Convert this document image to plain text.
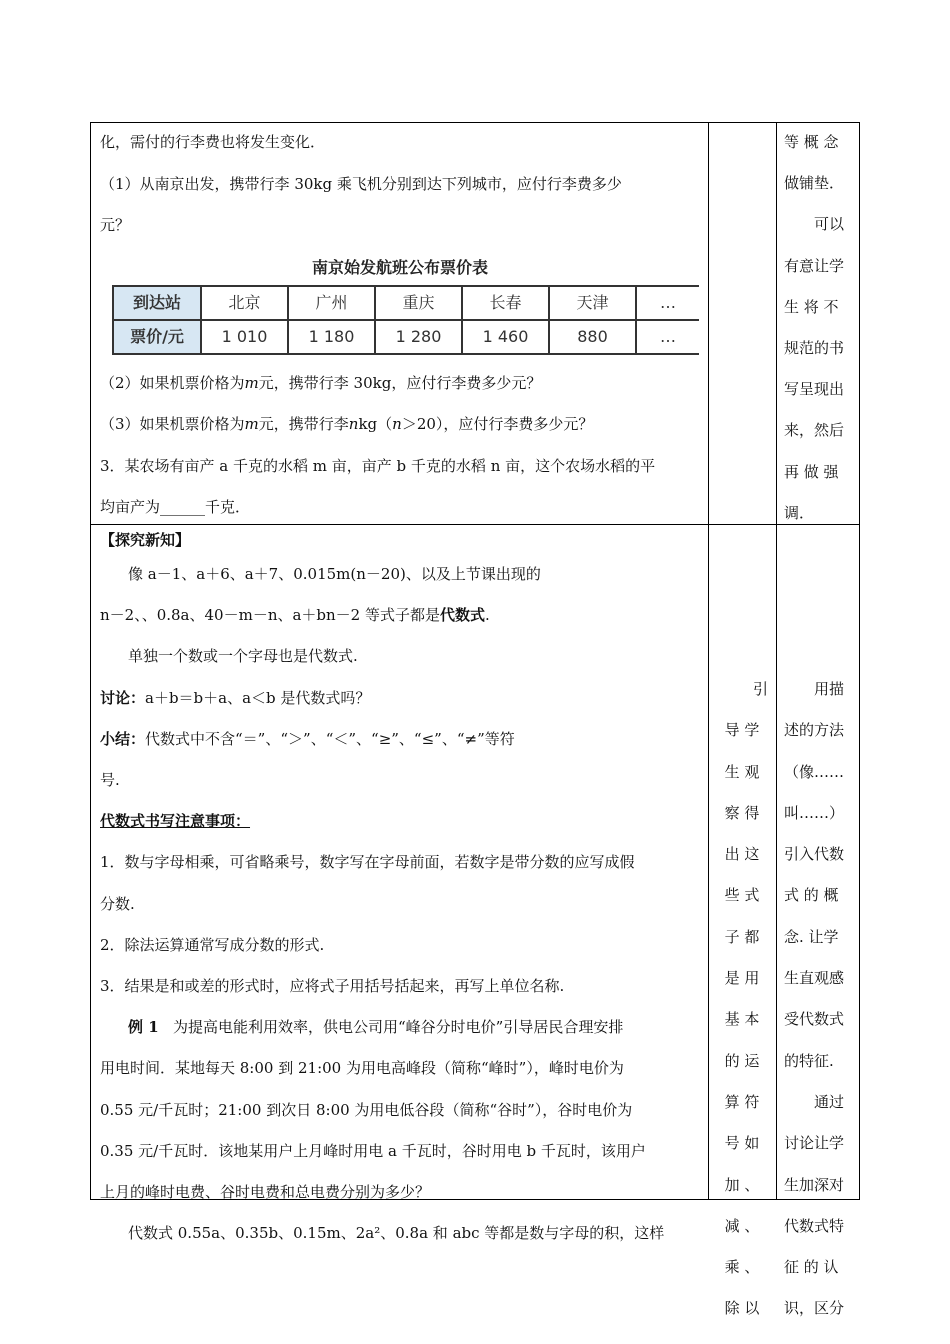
化，需付的行李费也将发生变化．

（1）从南京出发，携带行李 30kg 乘飞机分别到达下列城市，应付行李费多少

元？

南京始发航班公布票价表
到达站	北京	广州	重庆	长春	天津	…
票价/元	1 010	1 180	1 280	1 460	880	…

（2）如果机票价格为m元，携带行李 30kg，应付行李费多少元？

（3）如果机票价格为m元，携带行李nkg（n＞20），应付行李费多少元？

3．某农场有亩产 a 千克的水稻 m 亩，亩产 b 千克的水稻 n 亩，这个农场水稻的平

均亩产为______千克．

等 概 念

做铺垫．

可以

有意让学

生 将 不

规范的书

写呈现出

来，然后

再 做 强

调．

【探究新知】

像 a－1、a＋6、a＋7、0.015m(n－20)、以及上节课出现的

n－2、、0.8a、40－m－n、a＋bn－2 等式子都是代数式.

单独一个数或一个字母也是代数式.

讨论：a＋b＝b＋a、a＜b 是代数式吗？

小结：代数式中不含“＝”、“＞”、“＜”、“≥”、“≤”、“≠”等符

号.

代数式书写注意事项：

1．数与字母相乘，可省略乘号，数字写在字母前面，若数字是带分数的应写成假

分数.

2．除法运算通常写成分数的形式.

3．结果是和或差的形式时，应将式子用括号括起来，再写上单位名称.

例 1 为提高电能利用效率，供电公司用“峰谷分时电价”引导居民合理安排

用电时间．某地每天 8:00 到 21:00 为用电高峰段（简称“峰时”），峰时电价为

0.55 元/千瓦时；21:00 到次日 8:00 为用电低谷段（简称“谷时”），谷时电价为

0.35 元/千瓦时．该地某用户上月峰时用电 a 千瓦时，谷时用电 b 千瓦时，该用户

上月的峰时电费、谷时电费和总电费分别为多少？

代数式 0.55a、0.35b、0.15m、2a²、0.8a 和 abc 等都是数与字母的积，这样

引
导 学
生 观
察 得
出 这
些 式
子 都
是 用
基 本
的 运
算 符
号 如
加 、
减 、
乘 、
除 以

用描

述的方法

（像……

叫……）

引入代数

式 的 概

念. 让学

生直观感

受代数式

的特征.

通过

讨论让学

生加深对

代数式特

征 的 认

识，区分
